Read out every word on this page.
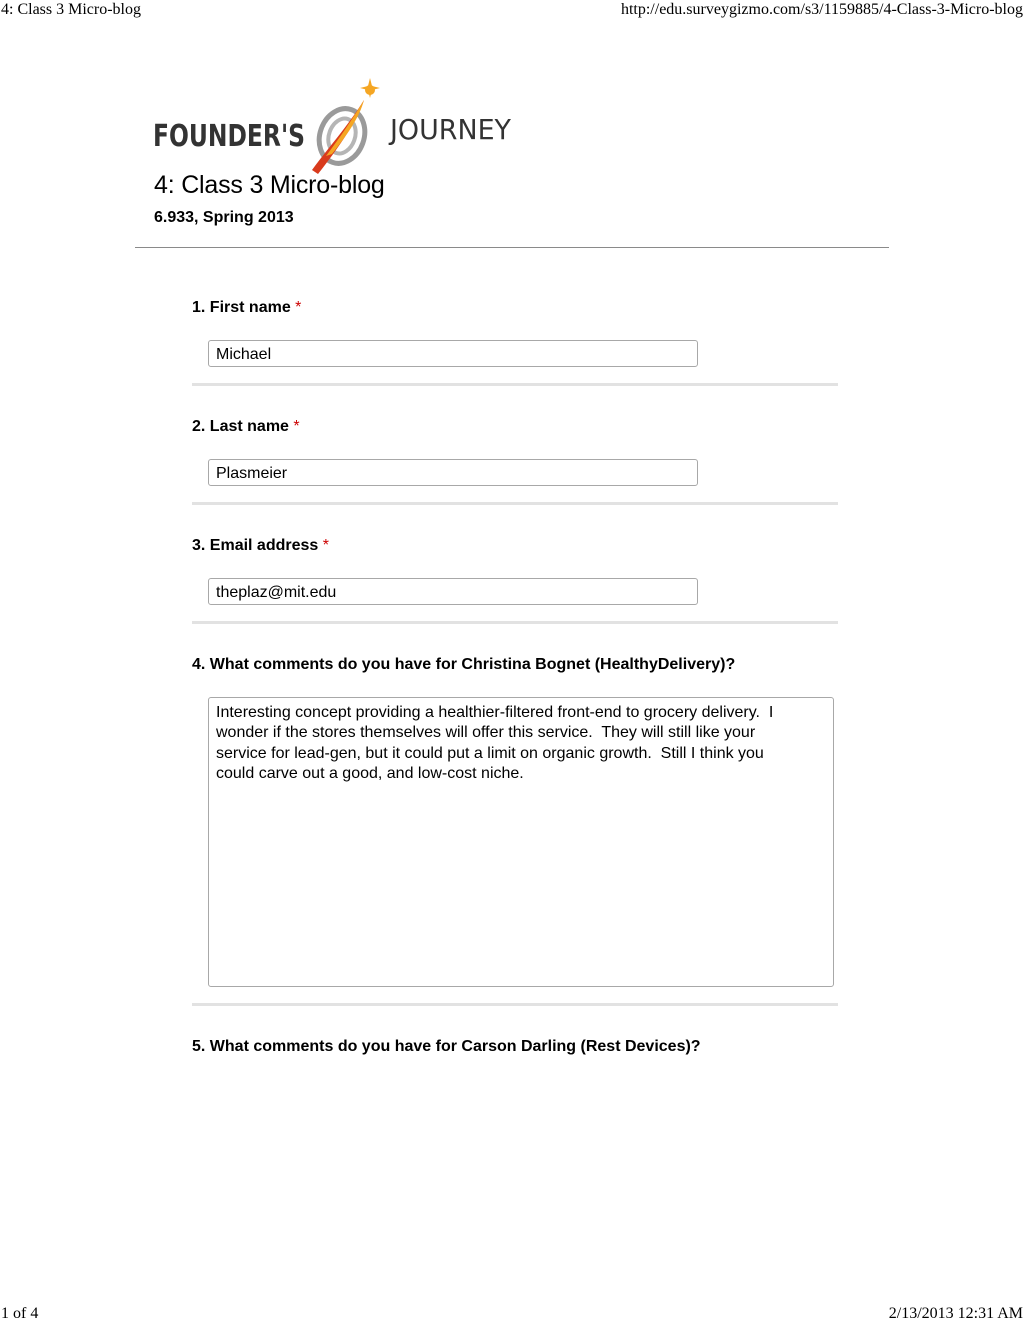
4: Class 3 Micro-blog	http://edu.surveygizmo.com/s3/1159885/4-Class-3-Micro-blog
FOUNDER'S	JOURNEY
4: Class 3 Micro-blog
6.933, Spring 2013
1. First name *
Michael
2. Last name *
Plasmeier
3. Email address *
theplaz@mit.edu
4. What comments do you have for Christina Bognet (HealthyDelivery)?
Interesting concept providing a healthier-filtered front-end to grocery delivery.  I
wonder if the stores themselves will offer this service.  They will still like your
service for lead-gen, but it could put a limit on organic growth.  Still I think you
could carve out a good, and low-cost niche.
5. What comments do you have for Carson Darling (Rest Devices)?
1 of 4	2/13/2013 12:31 AM
